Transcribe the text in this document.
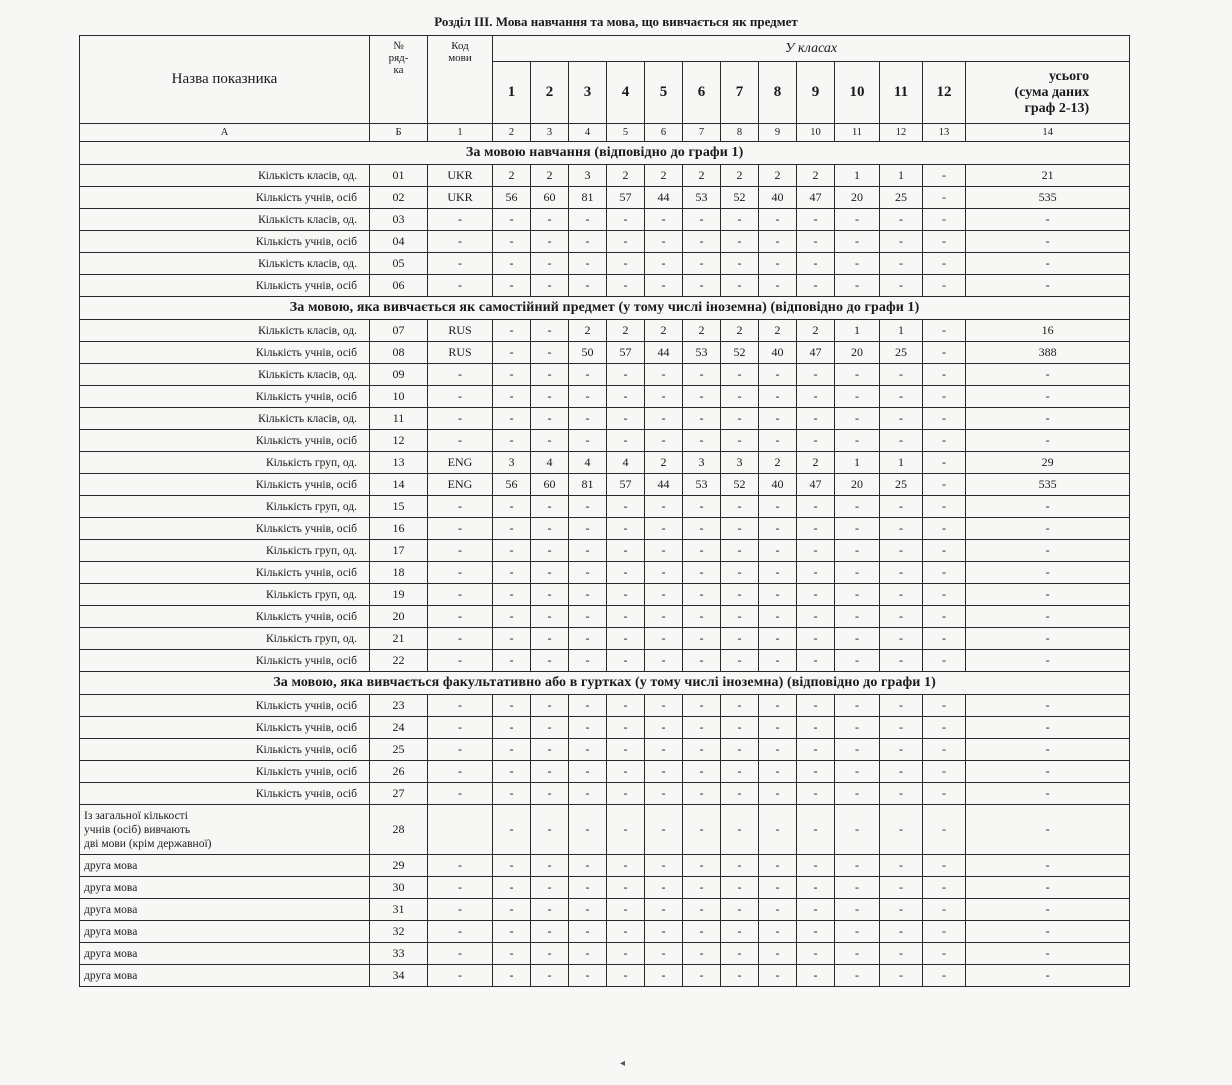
Розділ ІІІ. Мова навчання та мова, що вивчається як предмет
Назва показника	№
ряд-
ка	Код
мови	У класах												
			1	2	3	4	5	6	7	8	9	10	11	12	усього
(сума даних
граф 2-13)
А	Б	1	2	3	4	5	6	7	8	9	10	11	12	13	14
За мовою навчання (відповідно до графи 1)															
Кількість класів, од.	01	UKR	2	2	3	2	2	2	2	2	2	1	1	-	21
Кількість учнів, осіб	02	UKR	56	60	81	57	44	53	52	40	47	20	25	-	535
Кількість класів, од.	03	-	-	-	-	-	-	-	-	-	-	-	-	-	-
Кількість учнів, осіб	04	-	-	-	-	-	-	-	-	-	-	-	-	-	-
Кількість класів, од.	05	-	-	-	-	-	-	-	-	-	-	-	-	-	-
Кількість учнів, осіб	06	-	-	-	-	-	-	-	-	-	-	-	-	-	-
За мовою, яка вивчається як самостійний предмет (у тому числі іноземна) (відповідно до графи 1)															
Кількість класів, од.	07	RUS	-	-	2	2	2	2	2	2	2	1	1	-	16
Кількість учнів, осіб	08	RUS	-	-	50	57	44	53	52	40	47	20	25	-	388
Кількість класів, од.	09	-	-	-	-	-	-	-	-	-	-	-	-	-	-
Кількість учнів, осіб	10	-	-	-	-	-	-	-	-	-	-	-	-	-	-
Кількість класів, од.	11	-	-	-	-	-	-	-	-	-	-	-	-	-	-
Кількість учнів, осіб	12	-	-	-	-	-	-	-	-	-	-	-	-	-	-
Кількість груп, од.	13	ENG	3	4	4	4	2	3	3	2	2	1	1	-	29
Кількість учнів, осіб	14	ENG	56	60	81	57	44	53	52	40	47	20	25	-	535
Кількість груп, од.	15	-	-	-	-	-	-	-	-	-	-	-	-	-	-
Кількість учнів, осіб	16	-	-	-	-	-	-	-	-	-	-	-	-	-	-
Кількість груп, од.	17	-	-	-	-	-	-	-	-	-	-	-	-	-	-
Кількість учнів, осіб	18	-	-	-	-	-	-	-	-	-	-	-	-	-	-
Кількість груп, од.	19	-	-	-	-	-	-	-	-	-	-	-	-	-	-
Кількість учнів, осіб	20	-	-	-	-	-	-	-	-	-	-	-	-	-	-
Кількість груп, од.	21	-	-	-	-	-	-	-	-	-	-	-	-	-	-
Кількість учнів, осіб	22	-	-	-	-	-	-	-	-	-	-	-	-	-	-
За мовою, яка вивчається факультативно або в гуртках (у тому числі іноземна) (відповідно до графи 1)															
Кількість учнів, осіб	23	-	-	-	-	-	-	-	-	-	-	-	-	-	-
Кількість учнів, осіб	24	-	-	-	-	-	-	-	-	-	-	-	-	-	-
Кількість учнів, осіб	25	-	-	-	-	-	-	-	-	-	-	-	-	-	-
Кількість учнів, осіб	26	-	-	-	-	-	-	-	-	-	-	-	-	-	-
Кількість учнів, осіб	27	-	-	-	-	-	-	-	-	-	-	-	-	-	-
Із загальної кількості
учнів (осіб) вивчають
дві мови (крім державної)	28		-	-	-	-	-	-	-	-	-	-	-	-	-
друга мова	29	-	-	-	-	-	-	-	-	-	-	-	-	-	-
друга мова	30	-	-	-	-	-	-	-	-	-	-	-	-	-	-
друга мова	31	-	-	-	-	-	-	-	-	-	-	-	-	-	-
друга мова	32	-	-	-	-	-	-	-	-	-	-	-	-	-	-
друга мова	33	-	-	-	-	-	-	-	-	-	-	-	-	-	-
друга мова	34	-	-	-	-	-	-	-	-	-	-	-	-	-	-
◂
